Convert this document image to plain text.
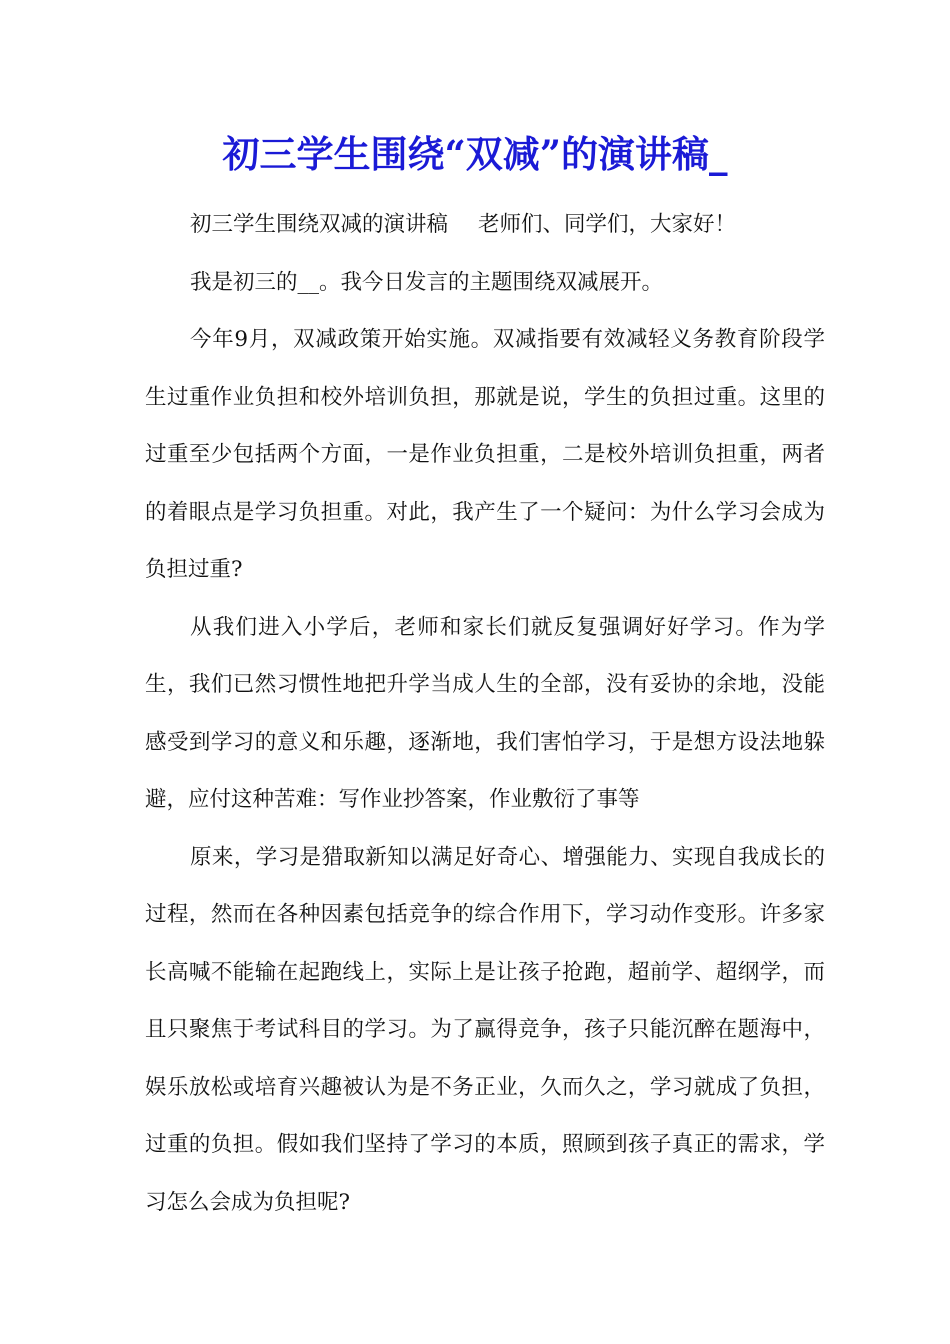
初三学生围绕“双减”的演讲稿_

初三学生围绕双减的演讲稿 老师们、同学们，大家好！

我是初三的__。我今日发言的主题围绕双减展开。

今年9月，双减政策开始实施。双减指要有效减轻义务教育阶段学生过重作业负担和校外培训负担，那就是说，学生的负担过重。这里的过重至少包括两个方面，一是作业负担重，二是校外培训负担重，两者的着眼点是学习负担重。对此，我产生了一个疑问：为什么学习会成为负担过重?

从我们进入小学后，老师和家长们就反复强调好好学习。作为学生，我们已然习惯性地把升学当成人生的全部，没有妥协的余地，没能感受到学习的意义和乐趣，逐渐地，我们害怕学习，于是想方设法地躲避，应付这种苦难：写作业抄答案，作业敷衍了事等

原来，学习是猎取新知以满足好奇心、增强能力、实现自我成长的过程，然而在各种因素包括竞争的综合作用下，学习动作变形。许多家长高喊不能输在起跑线上，实际上是让孩子抢跑，超前学、超纲学，而且只聚焦于考试科目的学习。为了赢得竞争，孩子只能沉醉在题海中，娱乐放松或培育兴趣被认为是不务正业，久而久之，学习就成了负担，过重的负担。假如我们坚持了学习的本质，照顾到孩子真正的需求，学习怎么会成为负担呢?
